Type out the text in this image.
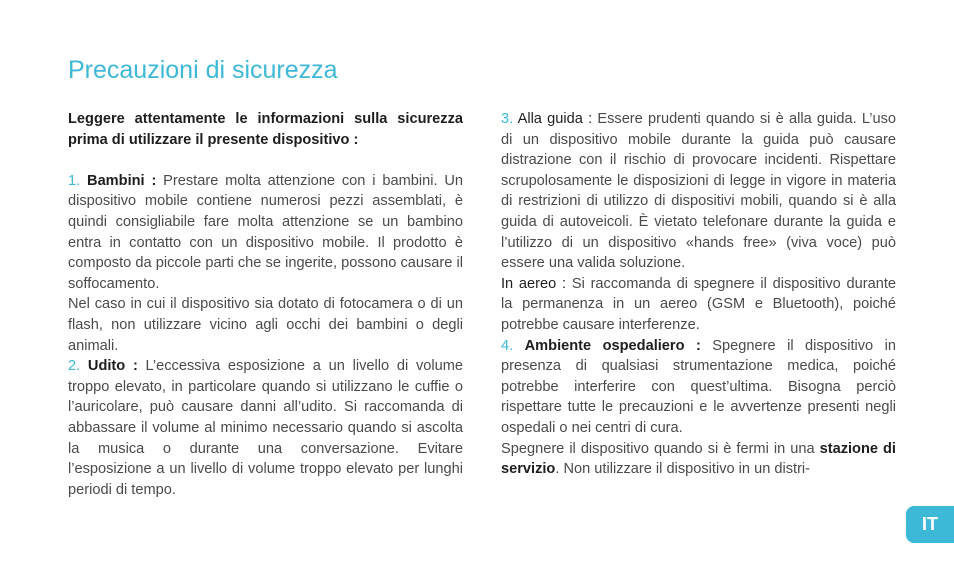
Precauzioni di sicurezza

Leggere attentamente le informazioni sulla sicurezza prima di utilizzare il presente dispositivo :

1. Bambini : Prestare molta attenzione con i bambini. Un dispositivo mobile contiene numerosi pezzi assemblati, è quindi consigliabile fare molta attenzione se un bambino entra in contatto con un dispositivo mobile. Il prodotto è composto da piccole parti che se ingerite, possono causare il soffocamento.

Nel caso in cui il dispositivo sia dotato di fotocamera o di un flash, non utilizzare vicino agli occhi dei bambini o degli animali.

2. Udito : L’eccessiva esposizione a un livello di volume troppo elevato, in particolare quando si utilizzano le cuffie o l’auricolare, può causare danni all’udito. Si raccomanda di abbassare il volume al minimo necessario quando si ascolta la musica o durante una conversazione. Evitare l’esposizione a un livello di volume troppo elevato per lunghi periodi di tempo.

3. Alla guida : Essere prudenti quando si è alla guida. L’uso di un dispositivo mobile durante la guida può causare distrazione con il rischio di provocare incidenti. Rispettare scrupolosamente le disposizioni di legge in vigore in materia di restrizioni di utilizzo di dispositivi mobili, quando si è alla guida di autoveicoli. È vietato telefonare durante la guida e l’utilizzo di un dispositivo «hands free» (viva voce) può essere una valida soluzione.

In aereo : Si raccomanda di spegnere il dispositivo durante la permanenza in un aereo (GSM e Bluetooth), poiché potrebbe causare interferenze.

4. Ambiente ospedaliero : Spegnere il dispositivo in presenza di qualsiasi strumentazione medica, poiché potrebbe interferire con quest’ultima. Bisogna perciò rispettare tutte le precauzioni e le avvertenze presenti negli ospedali o nei centri di cura.

Spegnere il dispositivo quando si è fermi in una stazione di servizio. Non utilizzare il dispositivo in un distri-

IT
